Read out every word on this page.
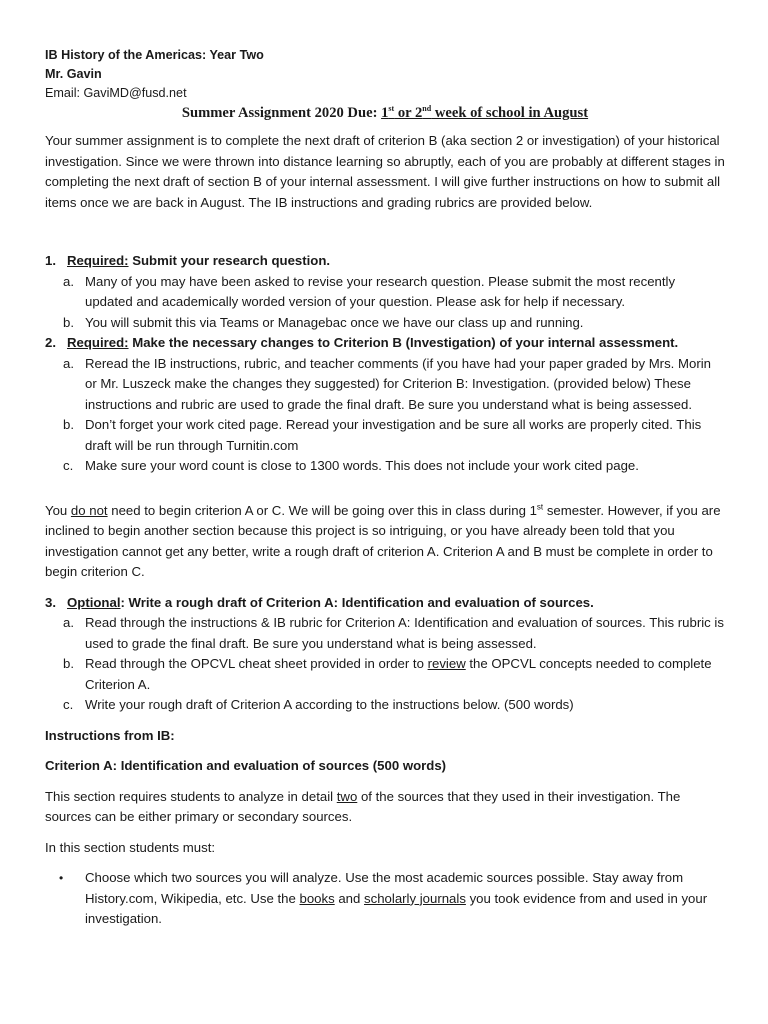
IB History of the Americas: Year Two
Mr. Gavin
Email: GaviMD@fusd.net
Summer Assignment 2020 Due: 1st or 2nd week of school in August

Your summer assignment is to complete the next draft of criterion B (aka section 2 or investigation) of your historical investigation. Since we were thrown into distance learning so abruptly, each of you are probably at different stages in completing the next draft of section B of your internal assessment. I will give further instructions on how to submit all items once we are back in August. The IB instructions and grading rubrics are provided below.

1. Required: Submit your research question.
a. Many of you may have been asked to revise your research question. Please submit the most recently updated and academically worded version of your question. Please ask for help if necessary.
b. You will submit this via Teams or Managebac once we have our class up and running.
2. Required: Make the necessary changes to Criterion B (Investigation) of your internal assessment.
a. Reread the IB instructions, rubric, and teacher comments (if you have had your paper graded by Mrs. Morin or Mr. Luszeck make the changes they suggested) for Criterion B: Investigation. (provided below) These instructions and rubric are used to grade the final draft. Be sure you understand what is being assessed.
b. Don’t forget your work cited page. Reread your investigation and be sure all works are properly cited. This draft will be run through Turnitin.com
c. Make sure your word count is close to 1300 words. This does not include your work cited page.

You do not need to begin criterion A or C. We will be going over this in class during 1st semester. However, if you are inclined to begin another section because this project is so intriguing, or you have already been told that you investigation cannot get any better, write a rough draft of criterion A. Criterion A and B must be complete in order to begin criterion C.

3. Optional: Write a rough draft of Criterion A: Identification and evaluation of sources.
a. Read through the instructions & IB rubric for Criterion A: Identification and evaluation of sources. This rubric is used to grade the final draft. Be sure you understand what is being assessed.
b. Read through the OPCVL cheat sheet provided in order to review the OPCVL concepts needed to complete Criterion A.
c. Write your rough draft of Criterion A according to the instructions below. (500 words)

Instructions from IB:

Criterion A: Identification and evaluation of sources (500 words)

This section requires students to analyze in detail two of the sources that they used in their investigation. The sources can be either primary or secondary sources.

In this section students must:

•	Choose which two sources you will analyze. Use the most academic sources possible. Stay away from History.com, Wikipedia, etc. Use the books and scholarly journals you took evidence from and used in your investigation.
